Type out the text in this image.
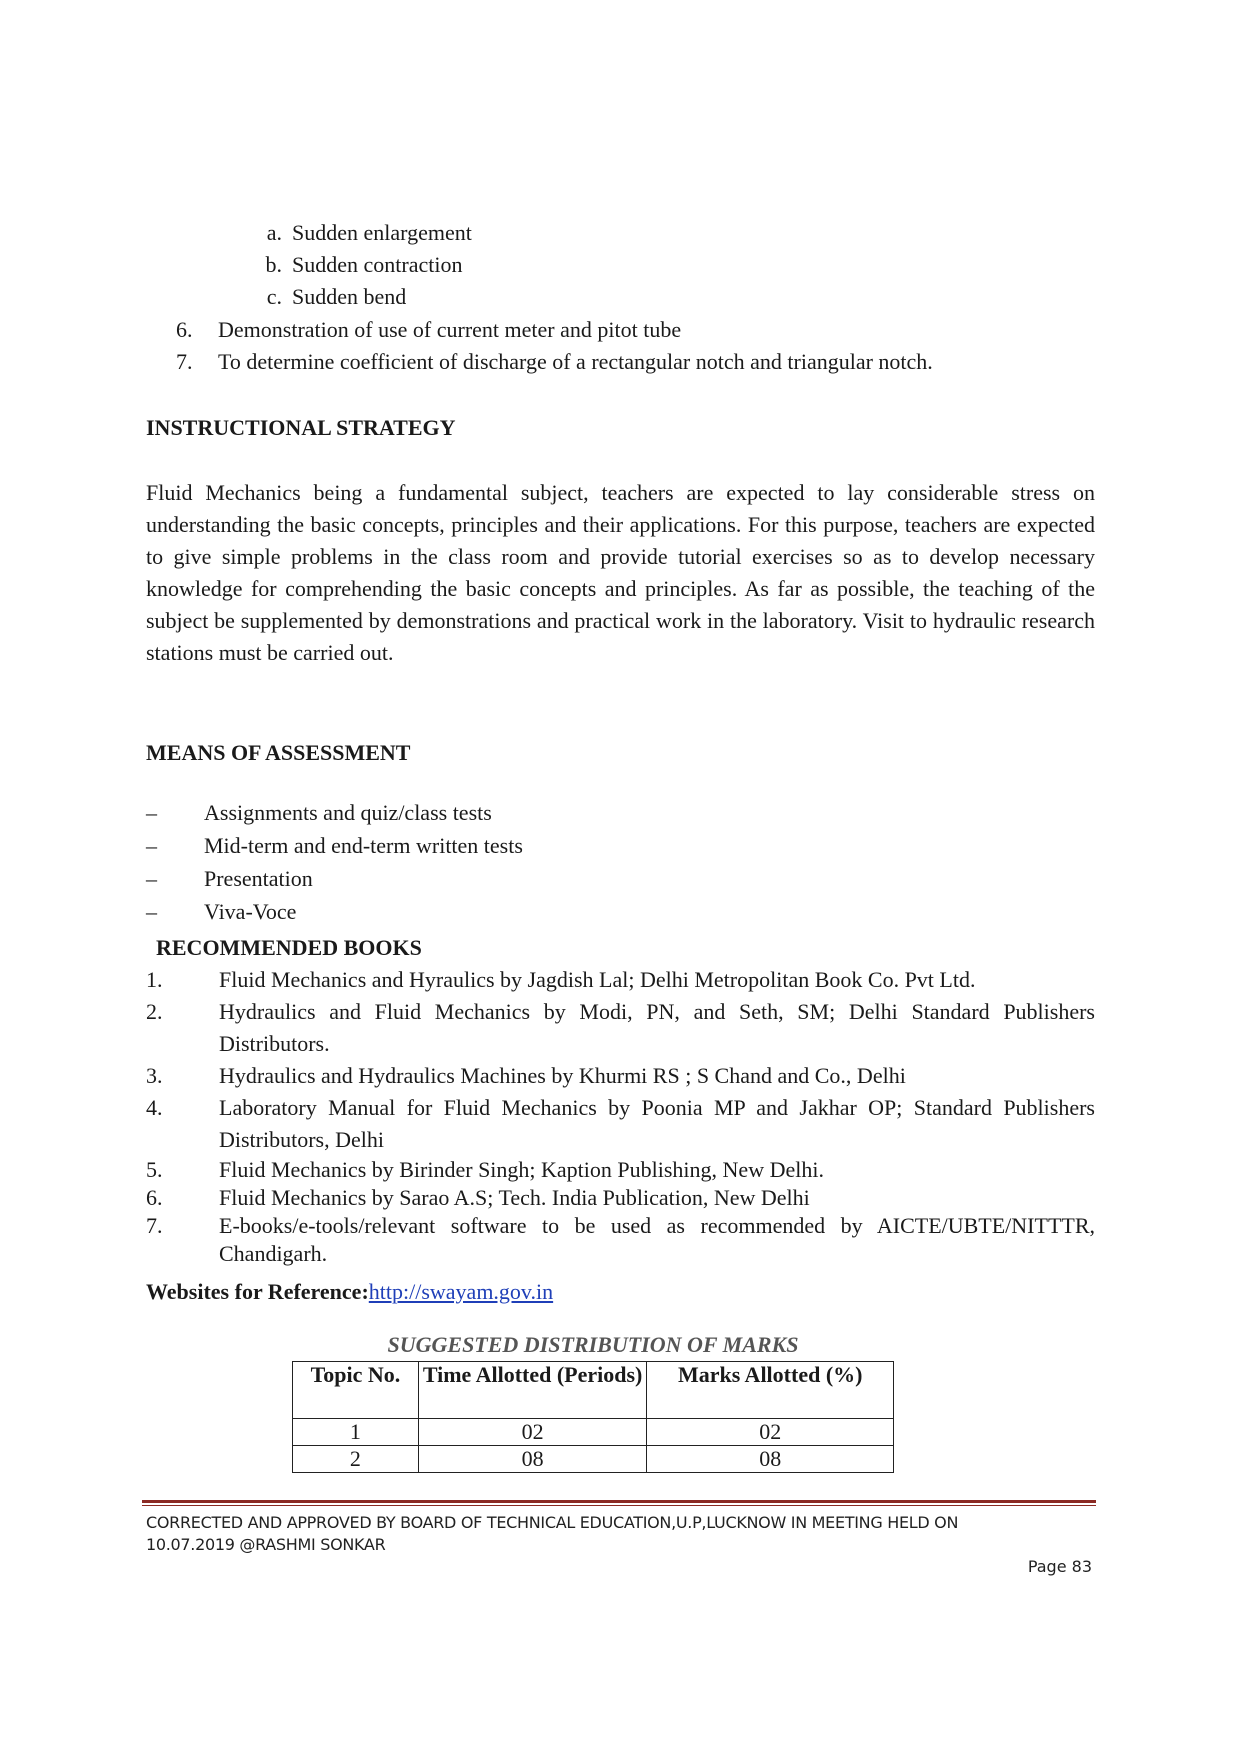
a. Sudden enlargement
b. Sudden contraction
c. Sudden bend
6.	Demonstration of use of current meter and pitot tube
7.	To determine coefficient of discharge of a rectangular notch and triangular notch.
INSTRUCTIONAL STRATEGY

Fluid Mechanics being a fundamental subject, teachers are expected to lay considerable stress on understanding the basic concepts, principles and their applications. For this purpose, teachers are expected to give simple problems in the class room and provide tutorial exercises so as to develop necessary knowledge for comprehending the basic concepts and principles. As far as possible, the teaching of the subject be supplemented by demonstrations and practical work in the laboratory. Visit to hydraulic research stations must be carried out.

MEANS OF ASSESSMENT
–	Assignments and quiz/class tests
–	Mid-term and end-term written tests
–	Presentation
–	Viva-Voce
RECOMMENDED BOOKS
1.	Fluid Mechanics and Hyraulics by Jagdish Lal; Delhi Metropolitan Book Co. Pvt Ltd.
2.	Hydraulics and Fluid Mechanics by Modi, PN, and Seth, SM; Delhi Standard Publishers Distributors.
3.	Hydraulics and Hydraulics Machines by Khurmi RS ; S Chand and Co., Delhi
4.	Laboratory Manual for Fluid Mechanics by Poonia MP and Jakhar OP; Standard Publishers Distributors, Delhi
5.	Fluid Mechanics by Birinder Singh; Kaption Publishing, New Delhi.
6.	Fluid Mechanics by Sarao A.S; Tech. India Publication, New Delhi
7.	E-books/e-tools/relevant software to be used as recommended by AICTE/UBTE/NITTTR, Chandigarh.
Websites for Reference:http://swayam.gov.in
SUGGESTED DISTRIBUTION OF MARKS
Topic No.	Time Allotted (Periods)	Marks Allotted (%)
1	02	02
2	08	08
CORRECTED AND APPROVED BY BOARD OF TECHNICAL EDUCATION,U.P,LUCKNOW IN MEETING HELD ON
10.07.2019 @RASHMI SONKAR
Page 83
